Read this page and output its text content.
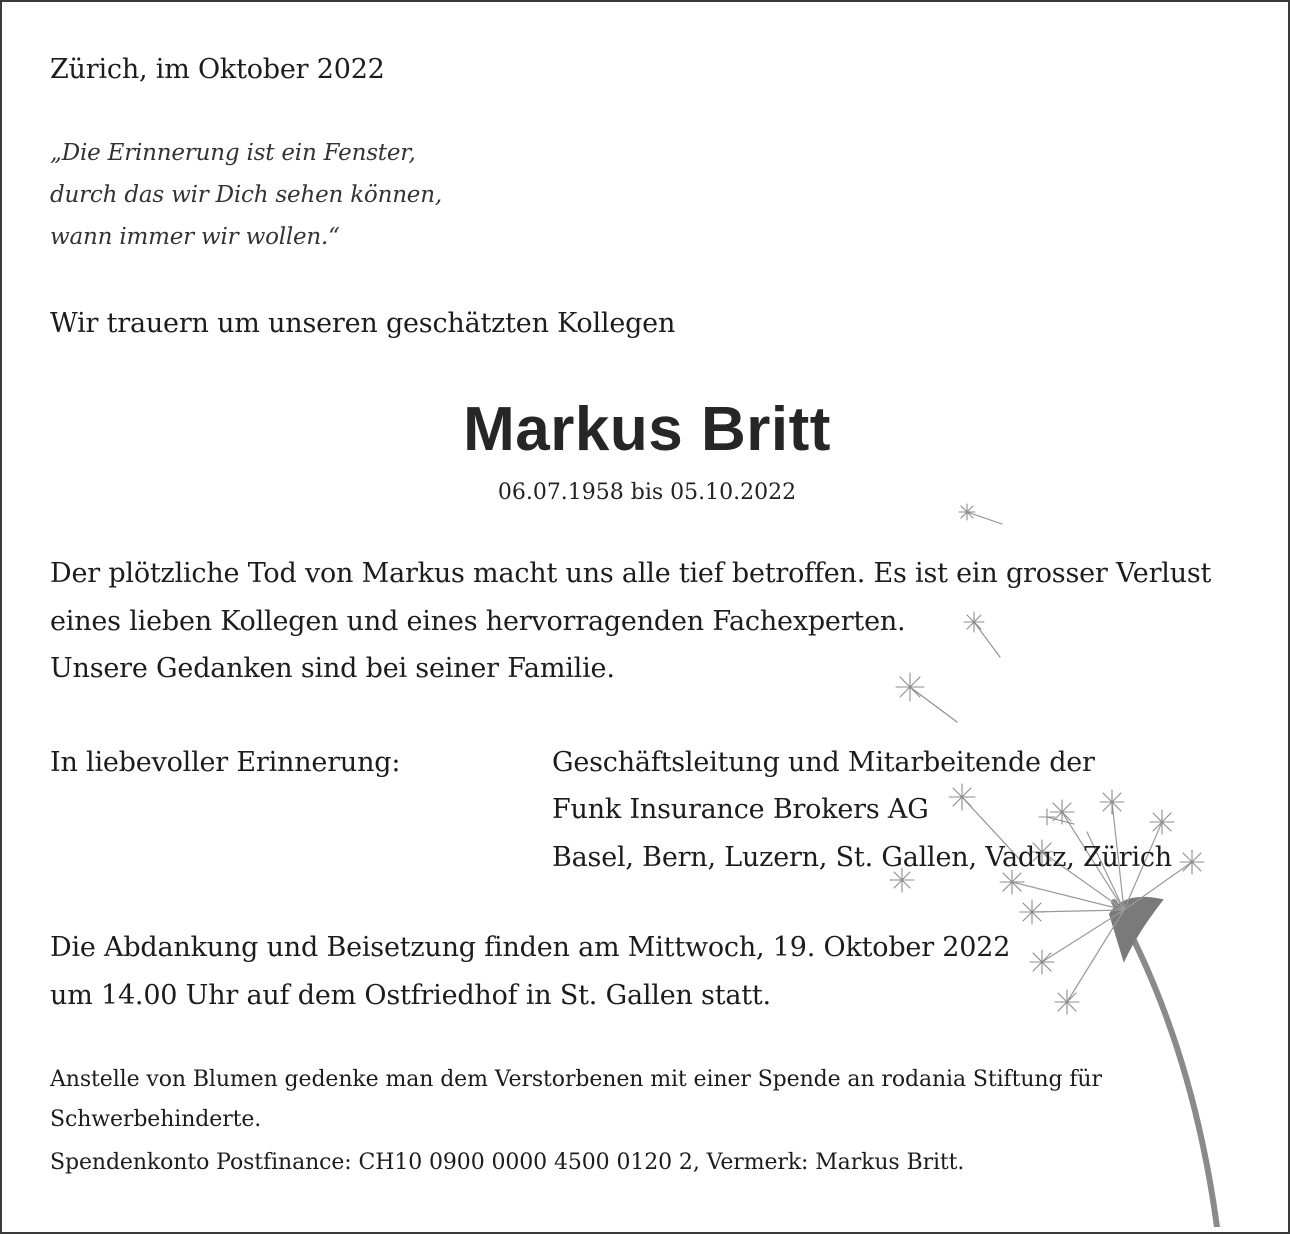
Zürich, im Oktober 2022
„Die Erinnerung ist ein Fenster,
durch das wir Dich sehen können,
wann immer wir wollen.“
Wir trauern um unseren geschätzten Kollegen
Markus Britt
06.07.1958 bis 05.10.2022
Der plötzliche Tod von Markus macht uns alle tief betroffen. Es ist ein grosser Verlust
eines lieben Kollegen und eines hervorragenden Fachexperten.
Unsere Gedanken sind bei seiner Familie.
In liebevoller Erinnerung:	Geschäftsleitung und Mitarbeitende der
Funk Insurance Brokers AG
Basel, Bern, Luzern, St. Gallen, Vaduz, Zürich
Die Abdankung und Beisetzung finden am Mittwoch, 19. Oktober 2022
um 14.00 Uhr auf dem Ostfriedhof in St. Gallen statt.
Anstelle von Blumen gedenke man dem Verstorbenen mit einer Spende an rodania Stiftung für
Schwerbehinderte.
Spendenkonto Postfinance: CH10 0900 0000 4500 0120 2, Vermerk: Markus Britt.
